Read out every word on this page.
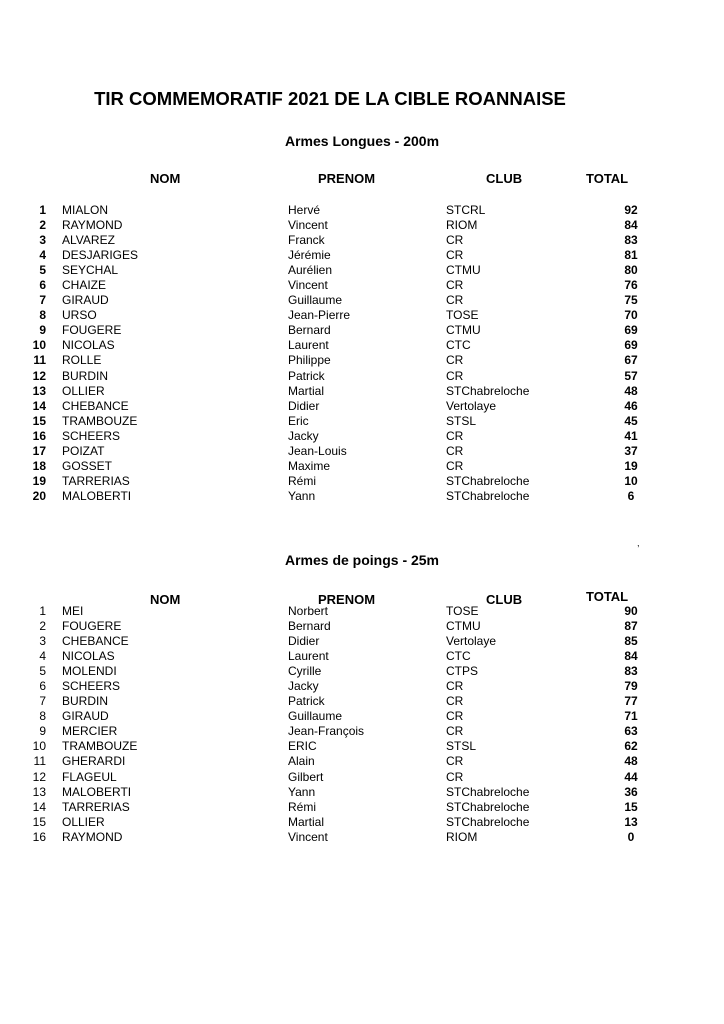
TIR COMMEMORATIF 2021 DE LA CIBLE ROANNAISE
Armes Longues - 200m
NOM	PRENOM	CLUB	TOTAL
1	MIALON	Hervé	STCRL	92
2	RAYMOND	Vincent	RIOM	84
3	ALVAREZ	Franck	CR	83
4	DESJARIGES	Jérémie	CR	81
5	SEYCHAL	Aurélien	CTMU	80
6	CHAIZE	Vincent	CR	76
7	GIRAUD	Guillaume	CR	75
8	URSO	Jean-Pierre	TOSE	70
9	FOUGERE	Bernard	CTMU	69
10	NICOLAS	Laurent	CTC	69
11	ROLLE	Philippe	CR	67
12	BURDIN	Patrick	CR	57
13	OLLIER	Martial	STChabreloche	48
14	CHEBANCE	Didier	Vertolaye	46
15	TRAMBOUZE	Eric	STSL	45
16	SCHEERS	Jacky	CR	41
17	POIZAT	Jean-Louis	CR	37
18	GOSSET	Maxime	CR	19
19	TARRERIAS	Rémi	STChabreloche	10
20	MALOBERTI	Yann	STChabreloche	6
,
Armes de poings - 25m
NOM	PRENOM	CLUB	TOTAL
1	MEI	Norbert	TOSE	90
2	FOUGERE	Bernard	CTMU	87
3	CHEBANCE	Didier	Vertolaye	85
4	NICOLAS	Laurent	CTC	84
5	MOLENDI	Cyrille	CTPS	83
6	SCHEERS	Jacky	CR	79
7	BURDIN	Patrick	CR	77
8	GIRAUD	Guillaume	CR	71
9	MERCIER	Jean-François	CR	63
10	TRAMBOUZE	ERIC	STSL	62
11	GHERARDI	Alain	CR	48
12	FLAGEUL	Gilbert	CR	44
13	MALOBERTI	Yann	STChabreloche	36
14	TARRERIAS	Rémi	STChabreloche	15
15	OLLIER	Martial	STChabreloche	13
16	RAYMOND	Vincent	RIOM	0
